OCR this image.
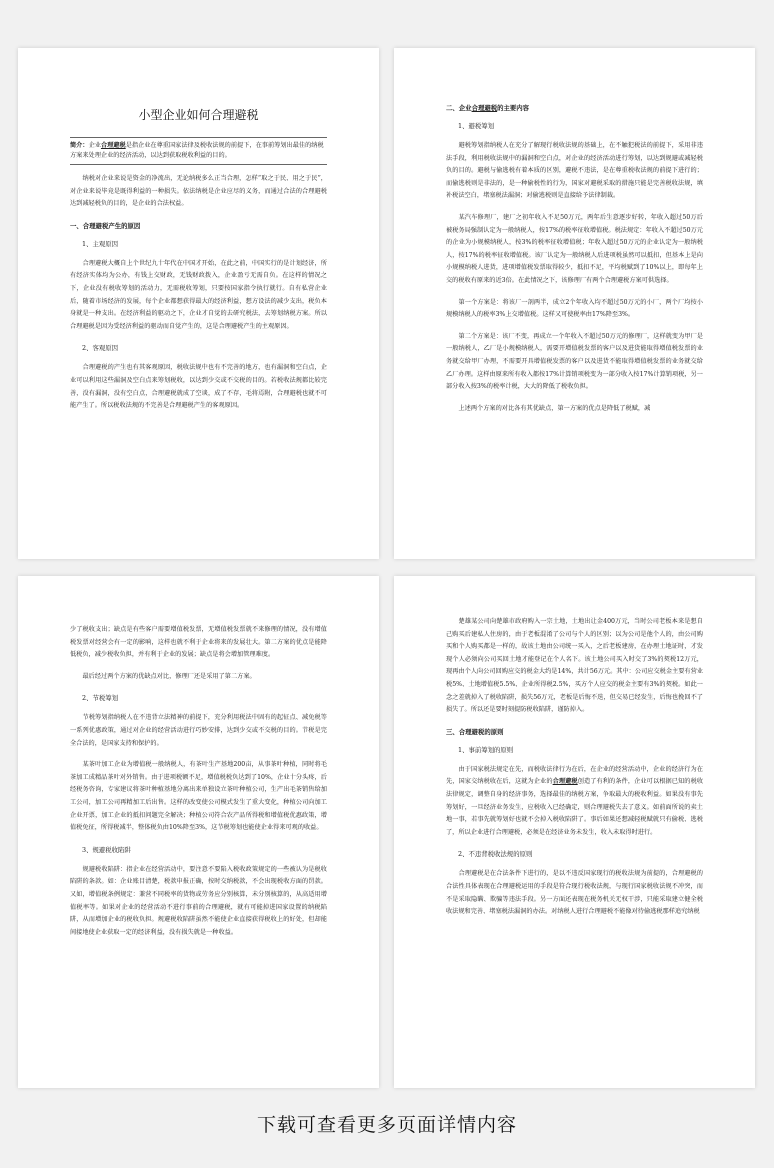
小型企业如何合理避税
简介：企业合理避税是指企业在尊重国家法律及税收法规的前提下，在事前筹划出最佳的纳税方案来处理企业的经济活动，以达到获取税收利益的目的。
纳税对企业来说是资金的净流出，无论纳税多么正当合理，怎样“取之于民、用之于民”，对企业来说毕竟是既得利益的一种损失。依法纳税是企业应尽的义务，而通过合法的合理避税达到减轻税负的目的，是企业的合法权益。
一、合理避税产生的原因
1、主观原因
合理避税大概自上个世纪九十年代在中国才开始，在此之前，中国实行的是计划经济，所有经济实体均为公办，有钱上交财政，无钱财政拨入，企业盈亏无需自负。在这样的情况之下，企业没有税收筹划的活动力，无需税收筹划，只要按国家指令执行就行。自有私营企业后，随着市场经济的发展，每个企业都想获得最大的经济利益，想方设法的减少支出，税负本身就是一种支出。在经济利益的驱动之下，企业才自觉的去研究税法，去筹划纳税方案。所以合理避税是因为受经济利益的驱动而自觉产生的，这是合理避税产生的主观原因。
2、客观原因
合理避税的产生也有其客观原因，税收法规中也有不完善的地方，也有漏洞和空白点，企业可以利用这些漏洞及空白点来筹划税收，以达到少交或不交税的目的。若税收法规都比较完善，没有漏洞，没有空白点，合理避税就成了空谈，成了不存，毛将焉附，合理避税也就不可能产生了。所以税收法规的不完善是合理避税产生的客观原因。
二、企业合理避税的主要内容
1、避税筹划
避税筹划指纳税人在充分了解现行税收法规的基础上，在不触犯税法的前提下，采用非违法手段，利用税收法规中的漏洞和空白点，对企业的经济活动进行筹划，以达到规避或减轻税负的目的。避税与偷逃税有着本质的区别，避税不违法，是在尊重税收法规的前提下进行的；而偷逃税则是非法的，是一种偷税性的行为，国家对避税采取的措施只能是完善税收法规，填补税法空白，堵塞税法漏洞；对偷逃税则是直接给予法律制裁。
某汽车修理厂，建厂之初年收入不足50万元，两年后生意逐步好转，年收入超过50万后被税务局强制认定为一般纳税人，按17%的税率征收增值税。税法规定：年收入不超过50万元的企业为小规模纳税人，按3%的税率征收增值税；年收入超过50万元的企业认定为一般纳税人，按17%的税率征收增值税。该厂认定为一般纳税人后进项税虽然可以抵扣，但基本上是向小规模纳税人进货，进项增值税发票取得较少，抵扣不足，平均税赋到了10%以上，即每年上交的税收有原来的近3倍。在此情况之下，该修理厂有两个合理避税方案可供选择。
第一个方案是：将该厂一剖两半，成立2个年收入均不超过50万元的小厂，两个厂均按小规模纳税人的税率3%上交增值税。这样又可使税率由17%降至3%。
第二个方案是：该厂不变，再成立一个年收入不超过50万元的修理厂，这样就变为甲厂是一般纳税人，乙厂是小规模纳税人，需要开增值税发票的客户以及进货能取得增值税发票的业务就交给甲厂办理，不需要开具增值税发票的客户以及进货不能取得增值税发票的业务就交给乙厂办理。这样由原来所有收入都按17%计算销项税变为一部分收入按17%计算销项税，另一部分收入按3%的税率计税，大大的降低了税收负担。
上述两个方案的对比各有其优缺点，第一方案的优点是降低了税赋，减
少了税收支出；缺点是有些客户需要增值税发票，无增值税发票就不来修理的情况，没有增值税发票对经营会有一定的影响，这样也就不利于企业将来的发展壮大。第二方案的优点是能降低税负，减少税收负担，并有利于企业的发展；缺点是将会增加管理难度。
最后经过两个方案的优缺点对比，修理厂还是采用了第二方案。
2、节税筹划
节税筹划指纳税人在不违背立法精神的前提下，充分利用税法中固有的起征点、减免税等一系列优惠政策，通过对企业的经营活动进行巧妙安排，达到少交或不交税的目的。节税是完全合法的，是国家支持和保护的。
某茶叶加工企业为增值税一般纳税人，有茶叶生产基地200亩，从事茶叶种植，同时将毛茶加工成精品茶叶对外销售。由于进项税额不足，增值税税负达到了10%，企业十分头疼，后经税务咨询，专家建议将茶叶种植基地分离出来单独设立茶叶种植公司，生产出毛茶销售给加工公司，加工公司再精加工后出售。这样的改变使公司模式发生了重大变化，种植公司向加工企业开票，加工企业的抵扣问题完全解决；种植公司符合农产品所得税和增值税优惠政策，增值税免征，所得税减半，整体税负由10%降至3%，这节税筹划也能使企业得来可观的收益。
3、规避税收陷阱
规避税收陷阱：指企业在经营活动中，要注意不要陷入税收政策规定的一些被认为是税收陷阱的条款。如：企业账目清楚，税款申报正确，按时交纳税款，不会出现税收方面的罚款。又如，增值税条例规定：兼营不同税率的货物或劳务应分别核算，未分别核算的，从高适用增值税率等。如果对企业的经营活动不进行事前的合理避税，就有可能掉进国家设置的纳税陷阱，从而增加企业的税收负担。规避税收陷阱虽然不能使企业直接获得税收上的好处，但却能间接地使企业获取一定的经济利益，没有损失就是一种收益。
楚雄某公司向楚雄市政府购入一宗土地，土地出让金400万元，当时公司老板本来是想自己购买后建私人住房的，由于老板混淆了公司与个人的区别；以为公司是他个人的，由公司购买和个人购买都是一样的，故该土地由公司统一买入，之后老板建房，在办理土地证时，才发现个人必须向公司买回土地才能登记在个人名下。该土地公司买入时交了3%的契税12万元，现再由个人向公司回购应交的税金大约是14%，共计56万元。其中：公司应交税金主要有营业税5%、土地增值税5.5%、企业所得税2.5%，买方个人应交的税金主要有3%的契税。如此一念之差就掉入了税收陷阱，损失56万元，老板是后悔不迭，但交易已经发生，后悔也挽回不了损失了。所以还是要时刻提防税收陷阱，谨防掉入。
三、合理避税的原则
1、事前筹划的原则
由于国家税法规定在先，而税收法律行为在后，在企业的经营活动中，企业的经济行为在先，国家交纳税收在后，这就为企业的合理避税创造了有利的条件，企业可以根据已知的税收法律规定，调整自身的经济事务，选择最佳的纳税方案，争取最大的税收利益。如果没有事先筹划好，一旦经济业务发生，应税收入已经确定，则合理避税失去了意义。如前面所说的卖土地一事，若事先就筹划好也就不会掉入税收陷阱了。事后如果还想减轻税赋就只有偷税、逃税了，所以企业进行合理避税，必须是在经济业务未发生，收入未取得时进行。
2、不违背税收法规的原则
合理避税是在合法条件下进行的，是以不违反国家现行的税收法规为前提的，合理避税的合法性具体表现在合理避税运用的手段是符合现行税收法规，与现行国家税收法规不冲突，而不是采取隐瞒、欺骗等违法手段。另一方面还表现在税务机关无权干涉，只能采取建立健全税收法规和完善、堵塞税法漏洞的办法。对纳税人进行合理避税不能像对待偷逃税那样追究纳税
下载可查看更多页面详情内容
